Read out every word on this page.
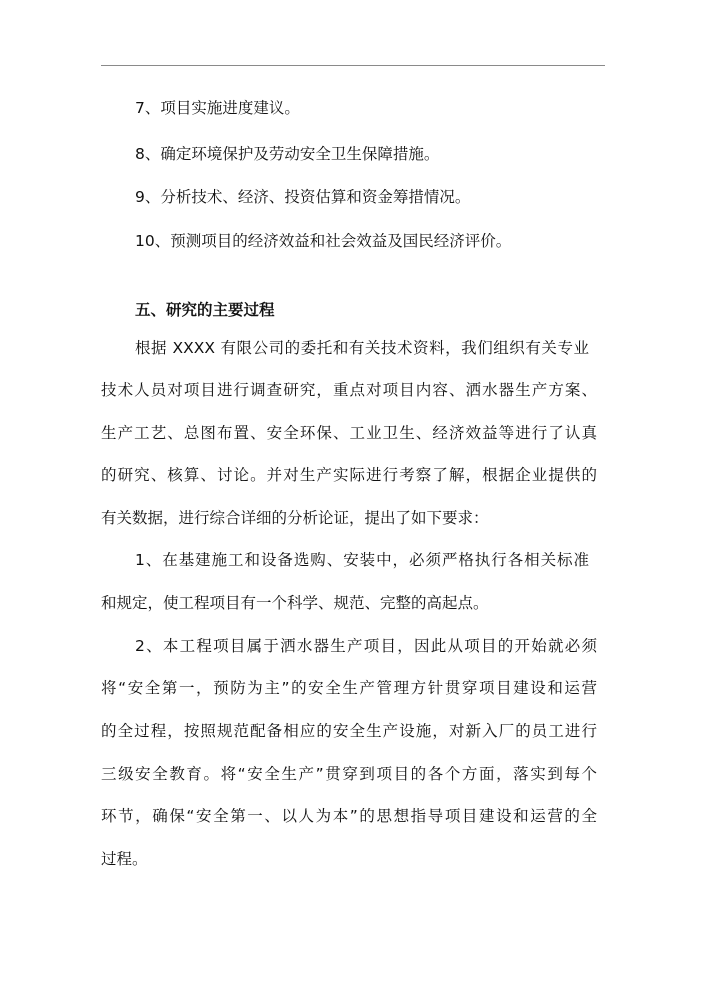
7、项目实施进度建议。
8、确定环境保护及劳动安全卫生保障措施。
9、分析技术、经济、投资估算和资金筹措情况。
10、预测项目的经济效益和社会效益及国民经济评价。
五、研究的主要过程
根据 XXXX 有限公司的委托和有关技术资料，我们组织有关专业
技术人员对项目进行调查研究，重点对项目内容、洒水器生产方案、
生产工艺、总图布置、安全环保、工业卫生、经济效益等进行了认真
的研究、核算、讨论。并对生产实际进行考察了解，根据企业提供的
有关数据，进行综合详细的分析论证，提出了如下要求：
1、在基建施工和设备选购、安装中，必须严格执行各相关标准
和规定，使工程项目有一个科学、规范、完整的高起点。
2、本工程项目属于洒水器生产项目，因此从项目的开始就必须
将“安全第一，预防为主”的安全生产管理方针贯穿项目建设和运营
的全过程，按照规范配备相应的安全生产设施，对新入厂的员工进行
三级安全教育。将“安全生产”贯穿到项目的各个方面，落实到每个
环节，确保“安全第一、以人为本”的思想指导项目建设和运营的全
过程。
